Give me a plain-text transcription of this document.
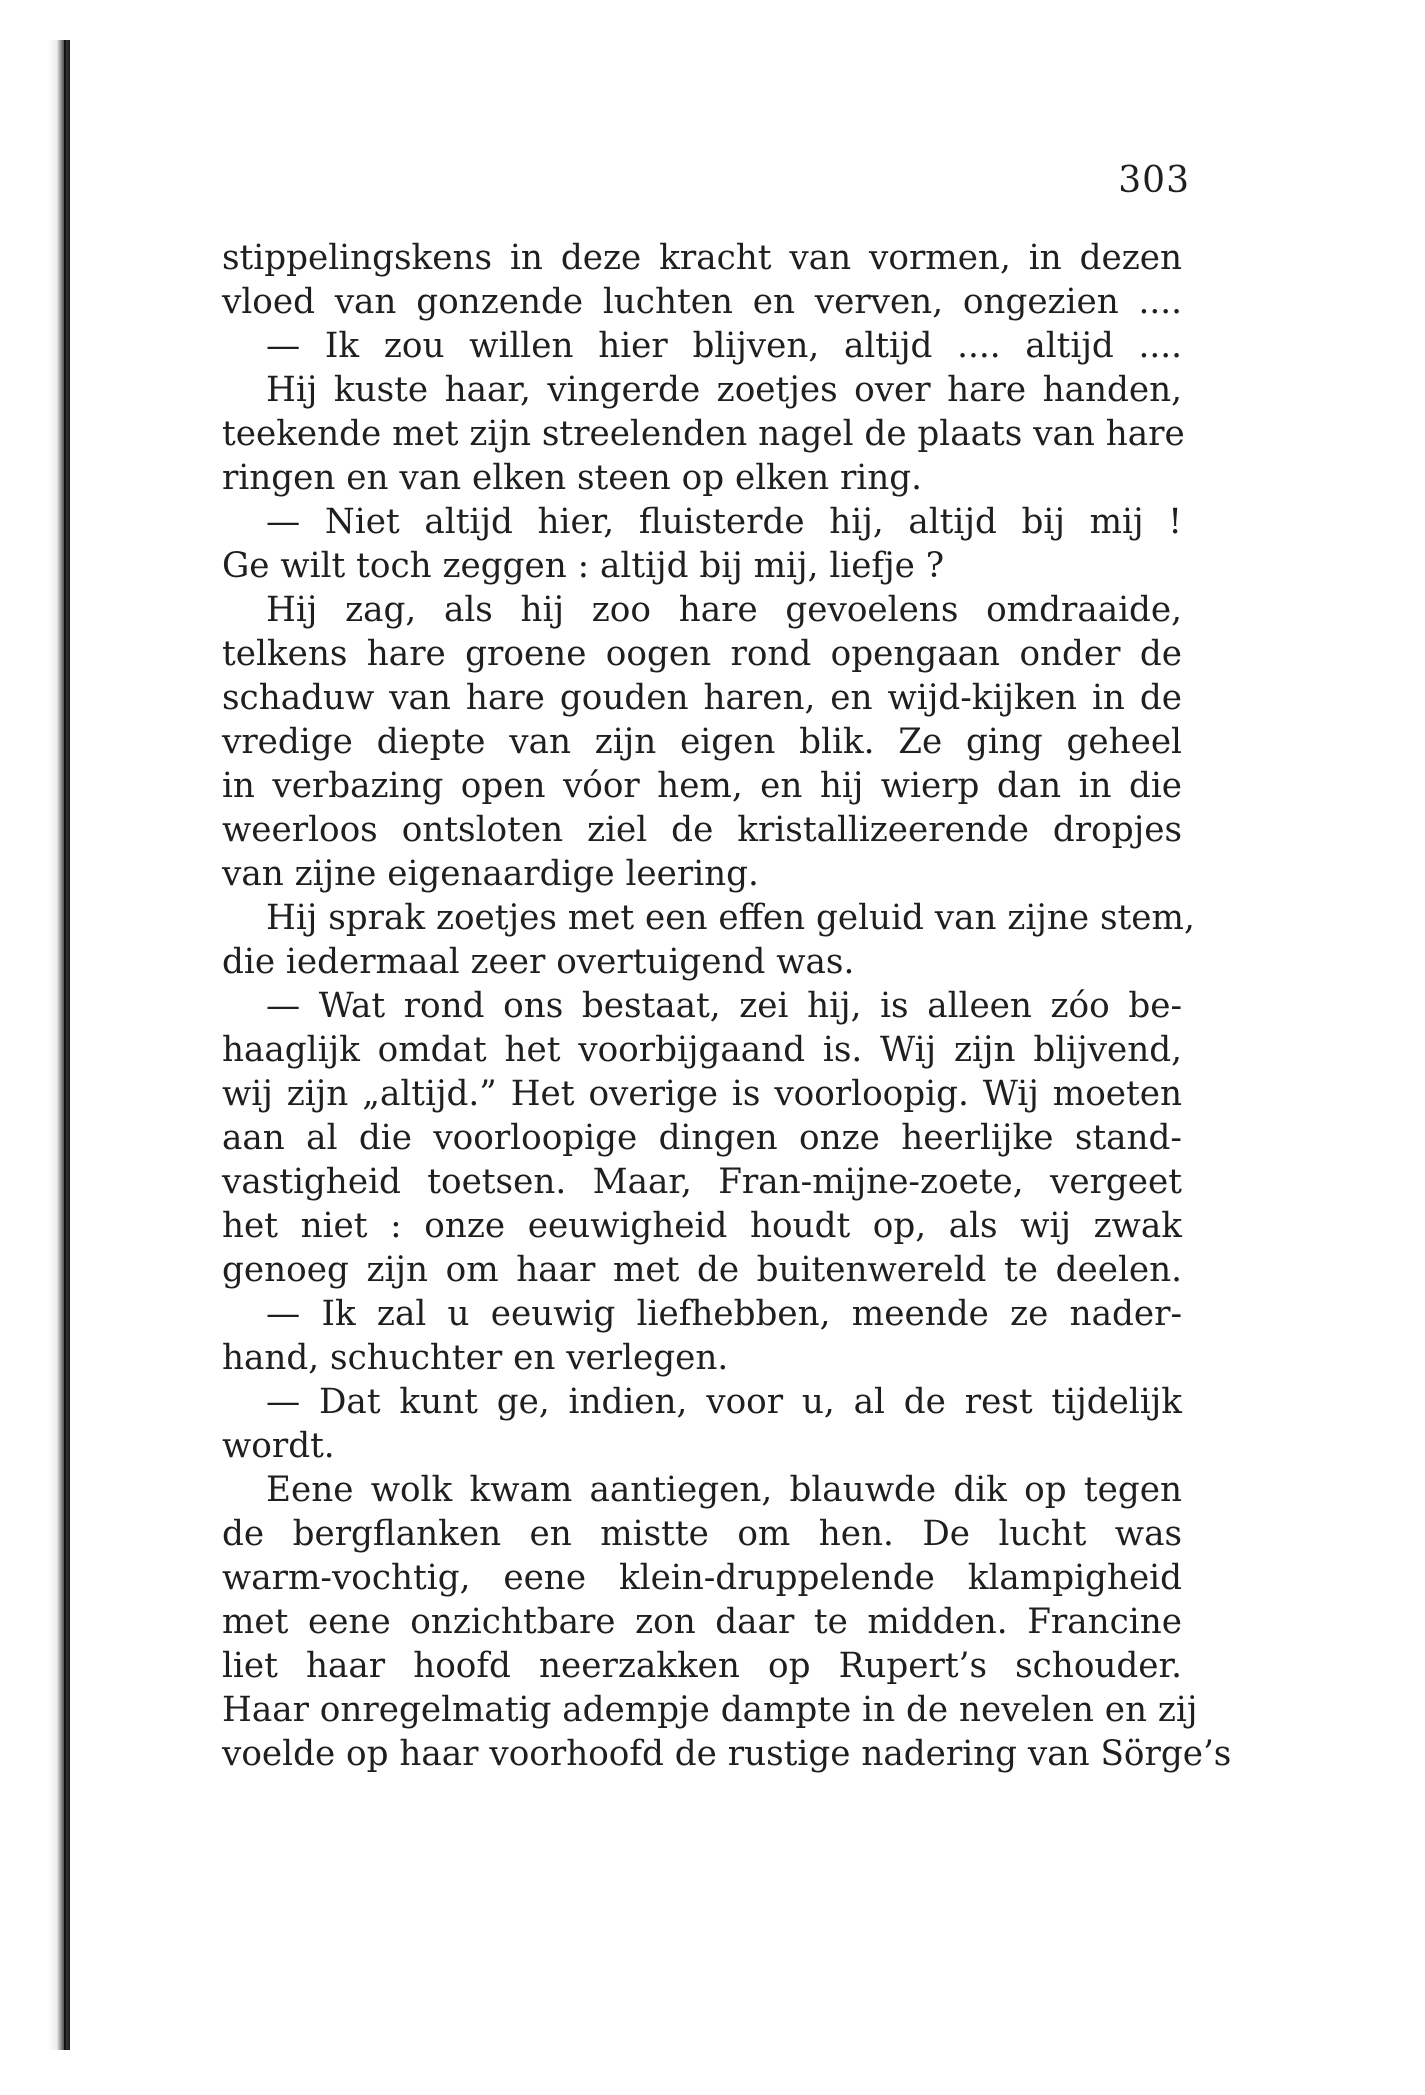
303
stippelingskens in deze kracht van vormen, in dezen
vloed van gonzende luchten en verven, ongezien ....
— Ik zou willen hier blijven, altijd .... altijd ....
Hij kuste haar, vingerde zoetjes over hare handen,
teekende met zijn streelenden nagel de plaats van hare
ringen en van elken steen op elken ring.
— Niet altijd hier, fluisterde hij, altijd bij mij !
Ge wilt toch zeggen : altijd bij mij, liefje ?
Hij zag, als hij zoo hare gevoelens omdraaide,
telkens hare groene oogen rond opengaan onder de
schaduw van hare gouden haren, en wijd-kijken in de
vredige diepte van zijn eigen blik. Ze ging geheel
in verbazing open vóor hem, en hij wierp dan in die
weerloos ontsloten ziel de kristallizeerende dropjes
van zijne eigenaardige leering.
Hij sprak zoetjes met een effen geluid van zijne stem,
die iedermaal zeer overtuigend was.
— Wat rond ons bestaat, zei hij, is alleen zóo be-
haaglijk omdat het voorbijgaand is. Wij zijn blijvend,
wij zijn „altijd.” Het overige is voorloopig. Wij moeten
aan al die voorloopige dingen onze heerlijke stand-
vastigheid toetsen. Maar, Fran-mijne-zoete, vergeet
het niet : onze eeuwigheid houdt op, als wij zwak
genoeg zijn om haar met de buitenwereld te deelen.
— Ik zal u eeuwig liefhebben, meende ze nader-
hand, schuchter en verlegen.
— Dat kunt ge, indien, voor u, al de rest tijdelijk
wordt.
Eene wolk kwam aantiegen, blauwde dik op tegen
de bergflanken en mistte om hen. De lucht was
warm-vochtig, eene klein-druppelende klampigheid
met eene onzichtbare zon daar te midden. Francine
liet haar hoofd neerzakken op Rupert’s schouder.
Haar onregelmatig adempje dampte in de nevelen en zij
voelde op haar voorhoofd de rustige nadering van Sörge’s
